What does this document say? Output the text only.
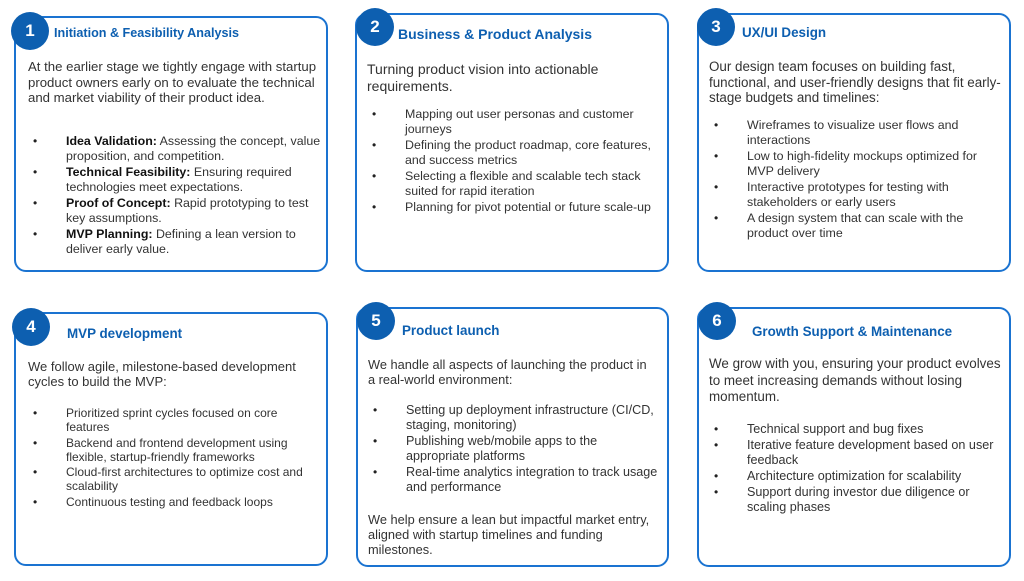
At the earlier stage we tightly engage with startup product owners early on to evaluate the technical and market viability of their product idea.
• Idea Validation: Assessing the concept, value proposition, and competition.
• Technical Feasibility: Ensuring required technologies meet expectations.
• Proof of Concept: Rapid prototyping to test key assumptions.
• MVP Planning: Defining a lean version to deliver early value.
1	Initiation & Feasibility Analysis
Turning product vision into actionable requirements.
• Mapping out user personas and customer journeys
• Defining the product roadmap, core features, and success metrics
• Selecting a flexible and scalable tech stack suited for rapid iteration
• Planning for pivot potential or future scale-up
2	Business & Product Analysis
Our design team focuses on building fast, functional, and user-friendly designs that fit early-stage budgets and timelines:
• Wireframes to visualize user flows and interactions
• Low to high-fidelity mockups optimized for MVP delivery
• Interactive prototypes for testing with stakeholders or early users
• A design system that can scale with the product over time
3	UX/UI Design
We follow agile, milestone-based development cycles to build the MVP:
• Prioritized sprint cycles focused on core features
• Backend and frontend development using flexible, startup-friendly frameworks
• Cloud-first architectures to optimize cost and scalability
• Continuous testing and feedback loops
4	MVP development
We handle all aspects of launching the product in a real-world environment:
• Setting up deployment infrastructure (CI/CD, staging, monitoring)
• Publishing web/mobile apps to the appropriate platforms
• Real-time analytics integration to track usage and performance
We help ensure a lean but impactful market entry, aligned with startup timelines and funding milestones.
5
Product launch
We grow with you, ensuring your product evolves to meet increasing demands without losing momentum.
• Technical support and bug fixes
• Iterative feature development based on user feedback
• Architecture optimization for scalability
• Support during investor due diligence or scaling phases
6
Growth Support & Maintenance
